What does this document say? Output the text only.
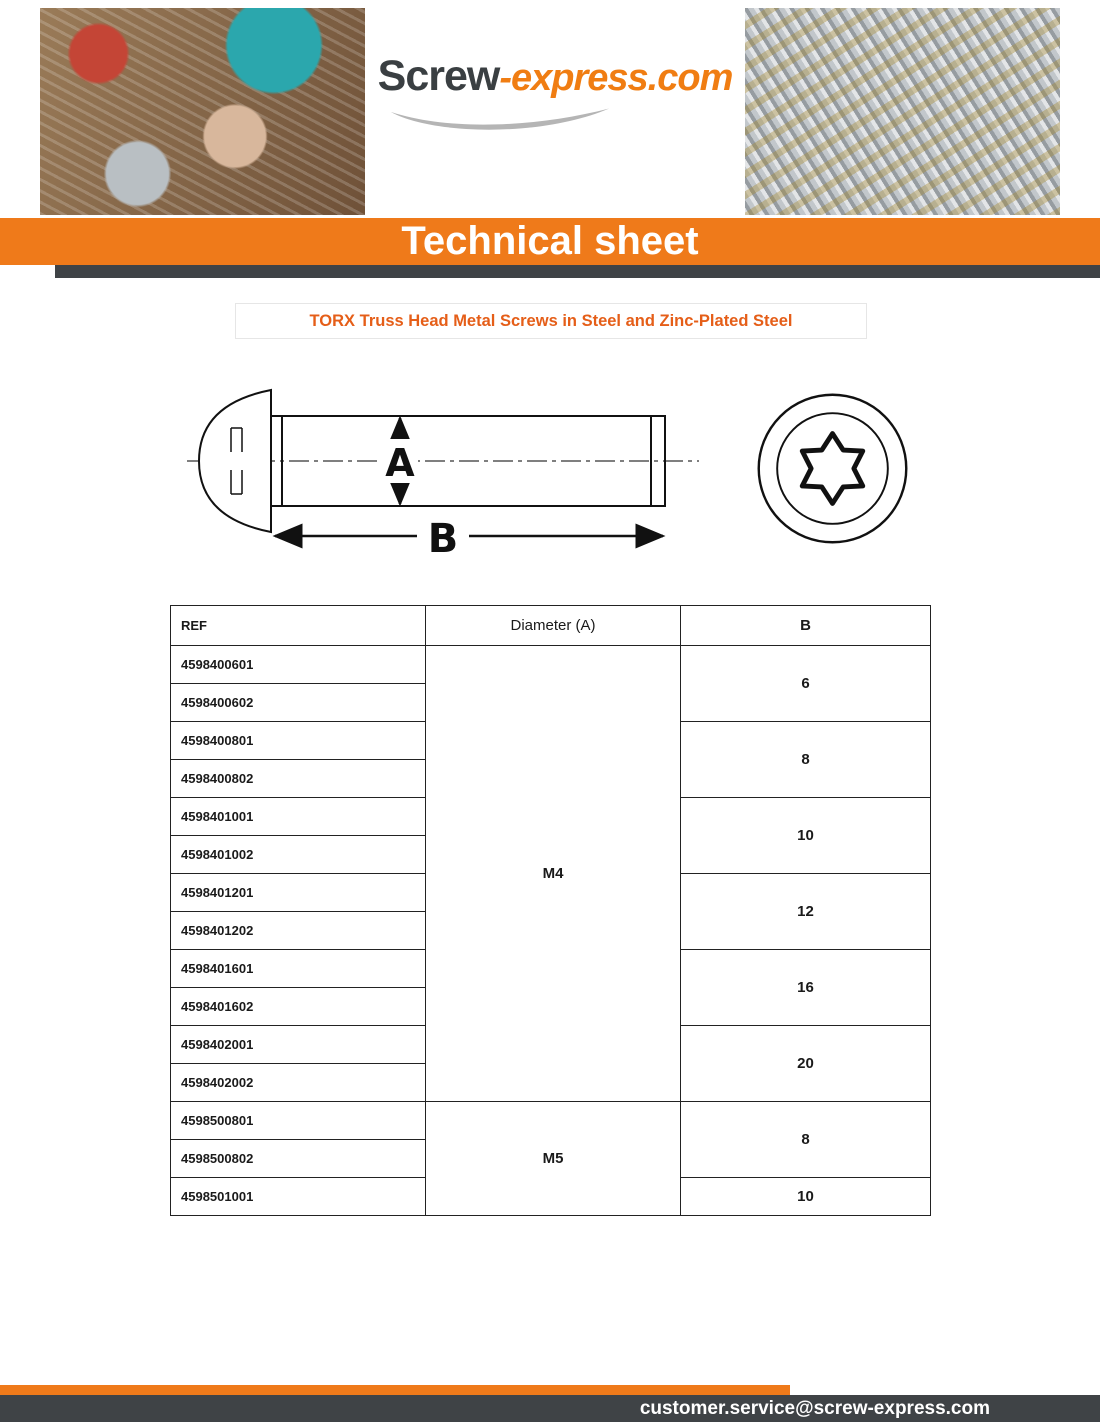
Screw-express.com
Technical sheet
TORX Truss Head Metal Screws in Steel and Zinc-Plated Steel
A
B
REF	Diameter (A)	B
4598400601	M4	6
4598400602		
4598400801		8
4598400802		
4598401001		10
4598401002		
4598401201		12
4598401202		
4598401601		16
4598401602		
4598402001		20
4598402002		
4598500801	M5	8
4598500802		
4598501001		10
customer.service@screw-express.com
